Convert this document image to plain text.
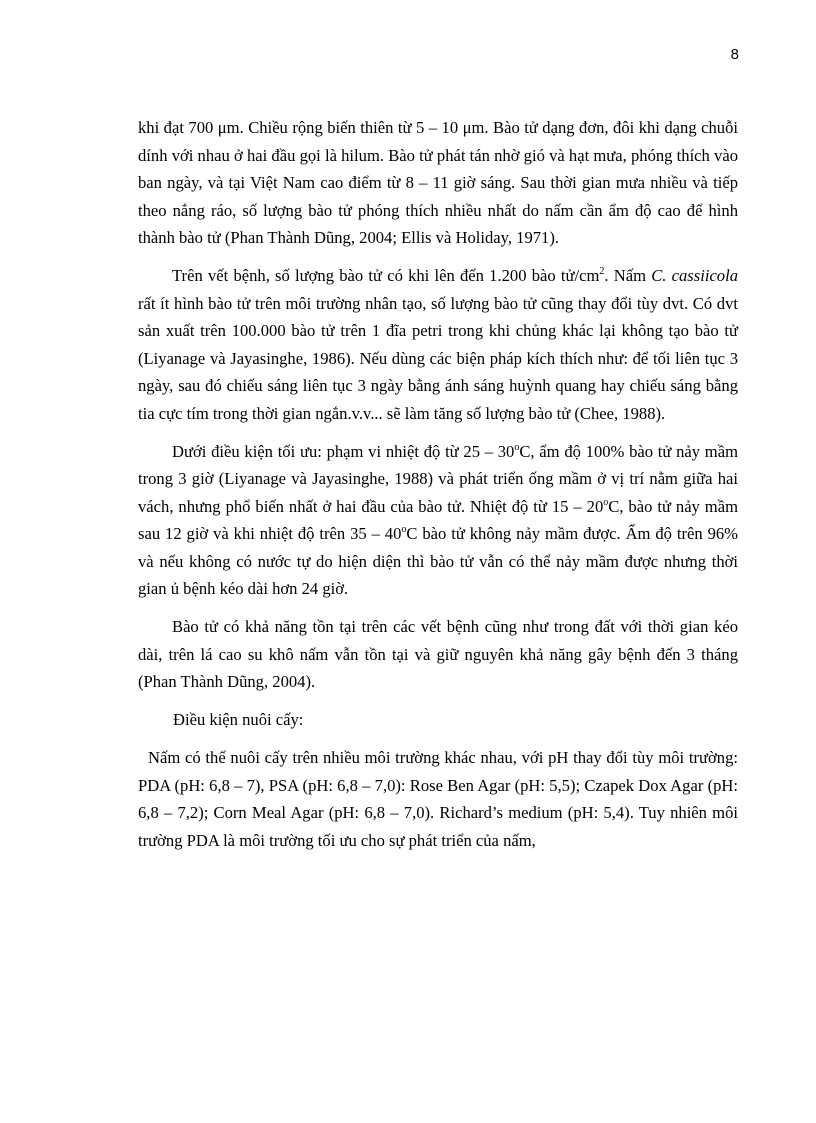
8

khi đạt 700 μm. Chiều rộng biến thiên từ 5 – 10 μm. Bào tử dạng đơn, đôi khi dạng chuỗi dính với nhau ở hai đầu gọi là hilum. Bào tử phát tán nhờ gió và hạt mưa, phóng thích vào ban ngày, và tại Việt Nam cao điểm từ 8 – 11 giờ sáng. Sau thời gian mưa nhiều và tiếp theo nắng ráo, số lượng bào tử phóng thích nhiều nhất do nấm cần ẩm độ cao để hình thành bào tử (Phan Thành Dũng, 2004; Ellis và Holiday, 1971).

Trên vết bệnh, số lượng bào tử có khi lên đến 1.200 bào $tử/cm^2$. Nấm C. cassiicola rất ít hình bào tử trên môi trường nhân tạo, số lượng bào tử cũng thay đổi tùy dvt. Có dvt sản xuất trên 100.000 bào tử trên 1 đĩa petri trong khi chủng khác lại không tạo bào tử (Liyanage và Jayasinghe, 1986). Nếu dùng các biện pháp kích thích như: để tối liên tục 3 ngày, sau đó chiếu sáng liên tục 3 ngày bằng ánh sáng huỳnh quang hay chiếu sáng bằng tia cực tím trong thời gian ngắn.v.v... sẽ làm tăng số lượng bào tử (Chee, 1988).

Dưới điều kiện tối ưu: phạm vi nhiệt độ từ 25 – 30$^o$C, ẩm độ 100% bào tử nảy mầm trong 3 giờ (Liyanage và Jayasinghe, 1988) và phát triển ống mầm ở vị trí nằm giữa hai vách, nhưng phổ biến nhất ở hai đầu của bào tử. Nhiệt độ từ 15 – 20$^o$C, bào tử nảy mầm sau 12 giờ và khi nhiệt độ trên 35 – 40$^o$C bào tử không nảy mầm được. Ẩm độ trên 96% và nếu không có nước tự do hiện diện thì bào tử vẫn có thể nảy mầm được nhưng thời gian ủ bệnh kéo dài hơn 24 giờ.

Bào tử có khả năng tồn tại trên các vết bệnh cũng như trong đất với thời gian kéo dài, trên lá cao su khô nấm vẫn tồn tại và giữ nguyên khả năng gây bệnh đến 3 tháng (Phan Thành Dũng, 2004).

Điều kiện nuôi cấy:

Nấm có thể nuôi cấy trên nhiều môi trường khác nhau, với pH thay đổi tùy môi trường: PDA (pH: 6,8 – 7), PSA (pH: 6,8 – 7,0): Rose Ben Agar (pH: 5,5); Czapek Dox Agar (pH: 6,8 – 7,2); Corn Meal Agar (pH: 6,8 – 7,0). Richard’s medium (pH: 5,4). Tuy nhiên môi trường PDA là môi trường tối ưu cho sự phát triển của nấm,
